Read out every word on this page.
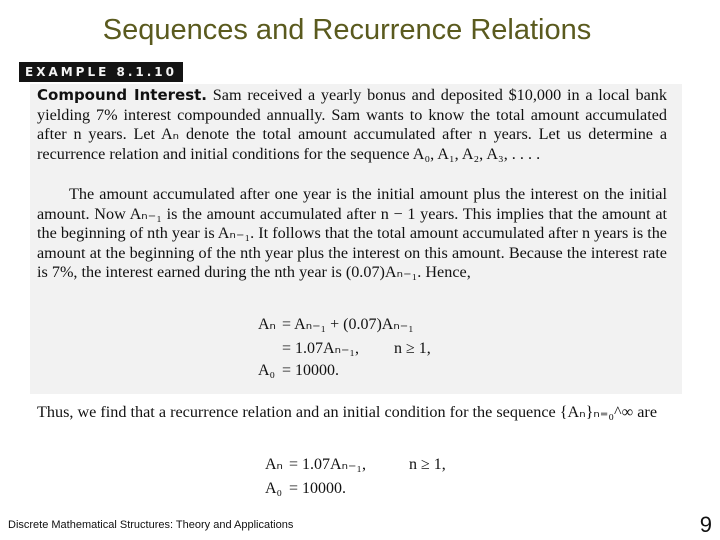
Sequences and Recurrence Relations
EXAMPLE 8.1.10

Compound Interest. Sam received a yearly bonus and deposited $10,000 in a local bank yielding 7% interest compounded annually. Sam wants to know the total amount accumulated after n years. Let Aₙ denote the total amount accumulated after n years. Let us determine a recurrence relation and initial conditions for the sequence A₀, A₁, A₂, A₃, . . . .

The amount accumulated after one year is the initial amount plus the interest on the initial amount. Now Aₙ₋₁ is the amount accumulated after n − 1 years. This implies that the amount at the beginning of nth year is Aₙ₋₁. It follows that the total amount accumulated after n years is the amount at the beginning of the nth year plus the interest on this amount. Because the interest rate is 7%, the interest earned during the nth year is (0.07)Aₙ₋₁. Hence,

Aₙ = Aₙ₋₁ + (0.07)Aₙ₋₁
= 1.07Aₙ₋₁, n ≥ 1,
A₀ = 10000.

Thus, we find that a recurrence relation and an initial condition for the sequence {Aₙ}ₙ₌₀^∞ are

Aₙ = 1.07Aₙ₋₁,	n ≥ 1,
A₀ = 10000.
Discrete Mathematical Structures: Theory and Applications	9
